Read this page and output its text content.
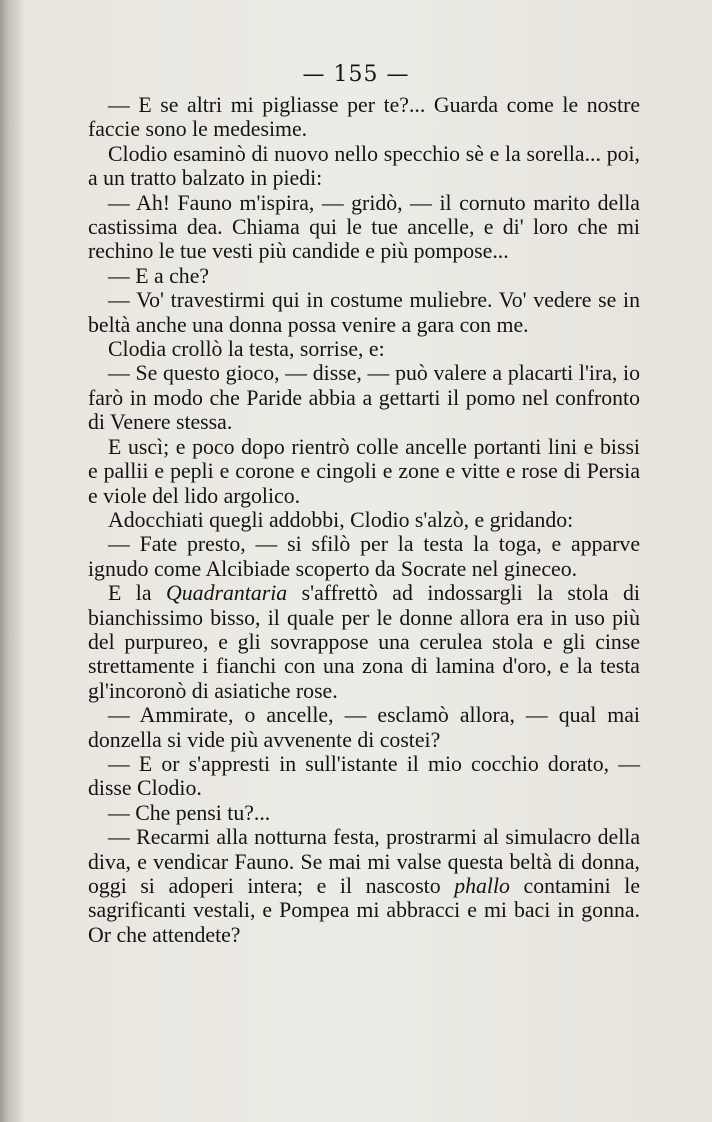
— 155 —

— E se altri mi pigliasse per te?... Guarda come le nostre faccie sono le medesime.

Clodio esaminò di nuovo nello specchio sè e la sorella... poi, a un tratto balzato in piedi:

— Ah! Fauno m'ispira, — gridò, — il cornuto marito della castissima dea. Chiama qui le tue ancelle, e di' loro che mi rechino le tue vesti più candide e più pompose...

— E a che?

— Vo' travestirmi qui in costume muliebre. Vo' vedere se in beltà anche una donna possa venire a gara con me.

Clodia crollò la testa, sorrise, e:

— Se questo gioco, — disse, — può valere a placarti l'ira, io farò in modo che Paride abbia a gettarti il pomo nel confronto di Venere stessa.

E uscì; e poco dopo rientrò colle ancelle portanti lini e bissi e pallii e pepli e corone e cingoli e zone e vitte e rose di Persia e viole del lido argolico.

Adocchiati quegli addobbi, Clodio s'alzò, e gridando:

— Fate presto, — si sfilò per la testa la toga, e apparve ignudo come Alcibiade scoperto da Socrate nel gineceo.

E la Quadrantaria s'affrettò ad indossargli la stola di bianchissimo bisso, il quale per le donne allora era in uso più del purpureo, e gli sovrappose una cerulea stola e gli cinse strettamente i fianchi con una zona di lamina d'oro, e la testa gl'incoronò di asiatiche rose.

— Ammirate, o ancelle, — esclamò allora, — qual mai donzella si vide più avvenente di costei?

— E or s'appresti in sull'istante il mio cocchio dorato, — disse Clodio.

— Che pensi tu?...

— Recarmi alla notturna festa, prostrarmi al simulacro della diva, e vendicar Fauno. Se mai mi valse questa beltà di donna, oggi si adoperi intera; e il nascosto phallo contamini le sagrificanti vestali, e Pompea mi abbracci e mi baci in gonna. Or che attendete?
